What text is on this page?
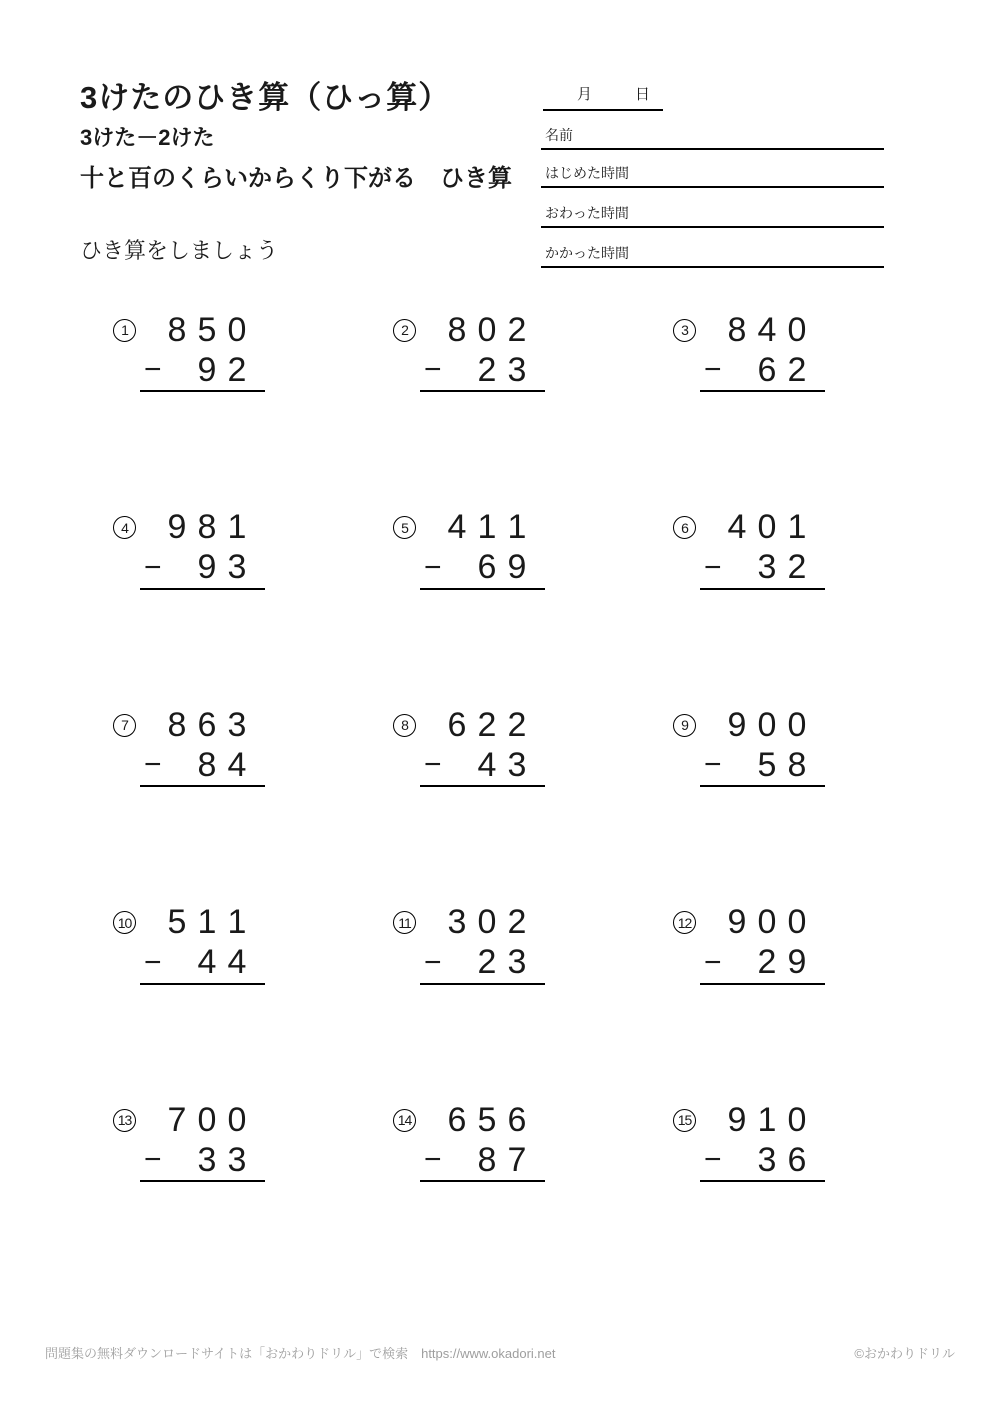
3けたのひき算（ひっ算）
3けた－2けた
十と百のくらいからくり下がる　ひき算
ひき算をしましょう
月	日
名前
はじめた時間
おわった時間
かかった時間
1 8 5 0
− 9 2
2 8 0 2
− 2 3
3 8 4 0
− 6 2
4 9 8 1
− 9 3
5 4 1 1
− 6 9
6 4 0 1
− 3 2
7 8 6 3
− 8 4
8 6 2 2
− 4 3
9 9 0 0
− 5 8
10 5 1 1
− 4 4
11 3 0 2
− 2 3
12 9 0 0
− 2 9
13 7 0 0
− 3 3
14 6 5 6
− 8 7
15 9 1 0
− 3 6
問題集の無料ダウンロードサイトは「おかわりドリル」で検索　https://www.okadori.net	©おかわりドリル
